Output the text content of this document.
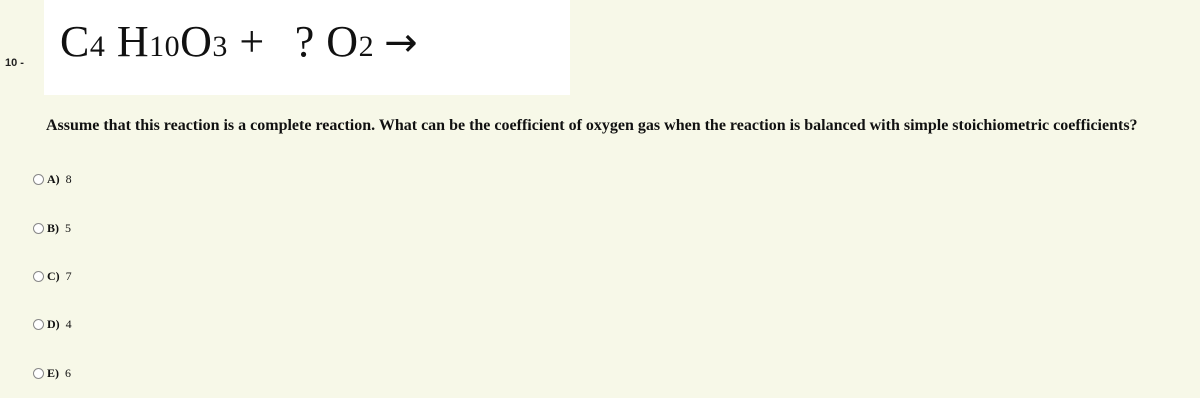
10 - C4 H10O3 + ? O2 →
Assume that this reaction is a complete reaction. What can be the coefficient of oxygen gas when the reaction is balanced with simple stoichiometric coefficients?
A) 8
B) 5
C) 7
D) 4
E) 6
